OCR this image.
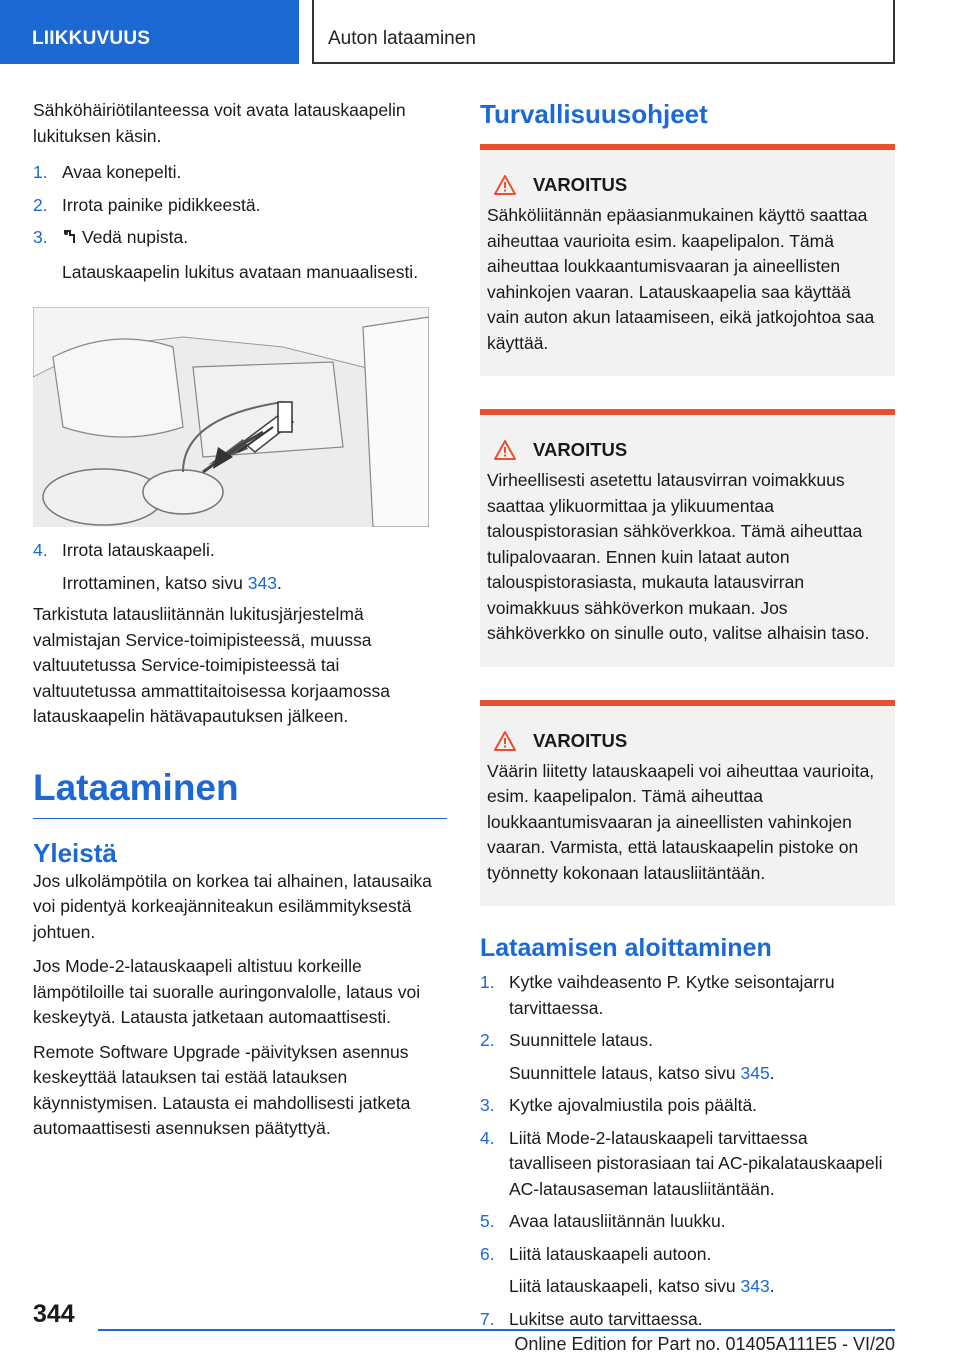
LIIKKUVUUS	Auton lataaminen

Sähköhäiriötilanteessa voit avata latauskaapelin lukituksen käsin.

1. Avaa konepelti.
2. Irrota painike pidikkeestä.
3. Vedä nupista.
Latauskaapelin lukitus avataan manuaalisesti.
4. Irrota latauskaapeli.
Irrottaminen, katso sivu 343.

Tarkistuta latausliitännän lukitusjärjestelmä valmistajan Service-toimipisteessä, muussa valtuutetussa Service-toimipisteessä tai valtuutetussa ammattitaitoisessa korjaamossa latauskaapelin hätävapautuksen jälkeen.

Lataaminen
Yleistä

Jos ulkolämpötila on korkea tai alhainen, latausaika voi pidentyä korkeajänniteakun esilämmityksestä johtuen.

Jos Mode-2-latauskaapeli altistuu korkeille lämpötiloille tai suoralle auringonvalolle, lataus voi keskeytyä. Latausta jatketaan automaattisesti.

Remote Software Upgrade -päivityksen asennus keskeyttää latauksen tai estää latauksen käynnistymisen. Latausta ei mahdollisesti jatketa automaattisesti asennuksen päätyttyä.

Turvallisuusohjeet
VAROITUS

Sähköliitännän epäasianmukainen käyttö saattaa aiheuttaa vaurioita esim. kaapelipalon. Tämä aiheuttaa loukkaantumisvaaran ja aineellisten vahinkojen vaaran. Latauskaapelia saa käyttää vain auton akun lataamiseen, eikä jatkojohtoa saa käyttää.

VAROITUS

Virheellisesti asetettu latausvirran voimakkuus saattaa ylikuormittaa ja ylikuumentaa talouspistorasian sähköverkkoa. Tämä aiheuttaa tulipalovaaran. Ennen kuin lataat auton talouspistorasiasta, mukauta latausvirran voimakkuus sähköverkon mukaan. Jos sähköverkko on sinulle outo, valitse alhaisin taso.

VAROITUS

Väärin liitetty latauskaapeli voi aiheuttaa vaurioita, esim. kaapelipalon. Tämä aiheuttaa loukkaantumisvaaran ja aineellisten vahinkojen vaaran. Varmista, että latauskaapelin pistoke on työnnetty kokonaan latausliitäntään.

Lataamisen aloittaminen
1. Kytke vaihdeasento P. Kytke seisontajarru tarvittaessa.
2. Suunnittele lataus.
Suunnittele lataus, katso sivu 345.
3. Kytke ajovalmiustila pois päältä.
4. Liitä Mode-2-latauskaapeli tarvittaessa tavalliseen pistorasiaan tai AC-pikalatauskaapeli AC-latausaseman latausliitäntään.
5. Avaa latausliitännän luukku.
6. Liitä latauskaapeli autoon.
Liitä latauskaapeli, katso sivu 343.
7. Lukitse auto tarvittaessa.
344
Online Edition for Part no. 01405A111E5 - VI/20
